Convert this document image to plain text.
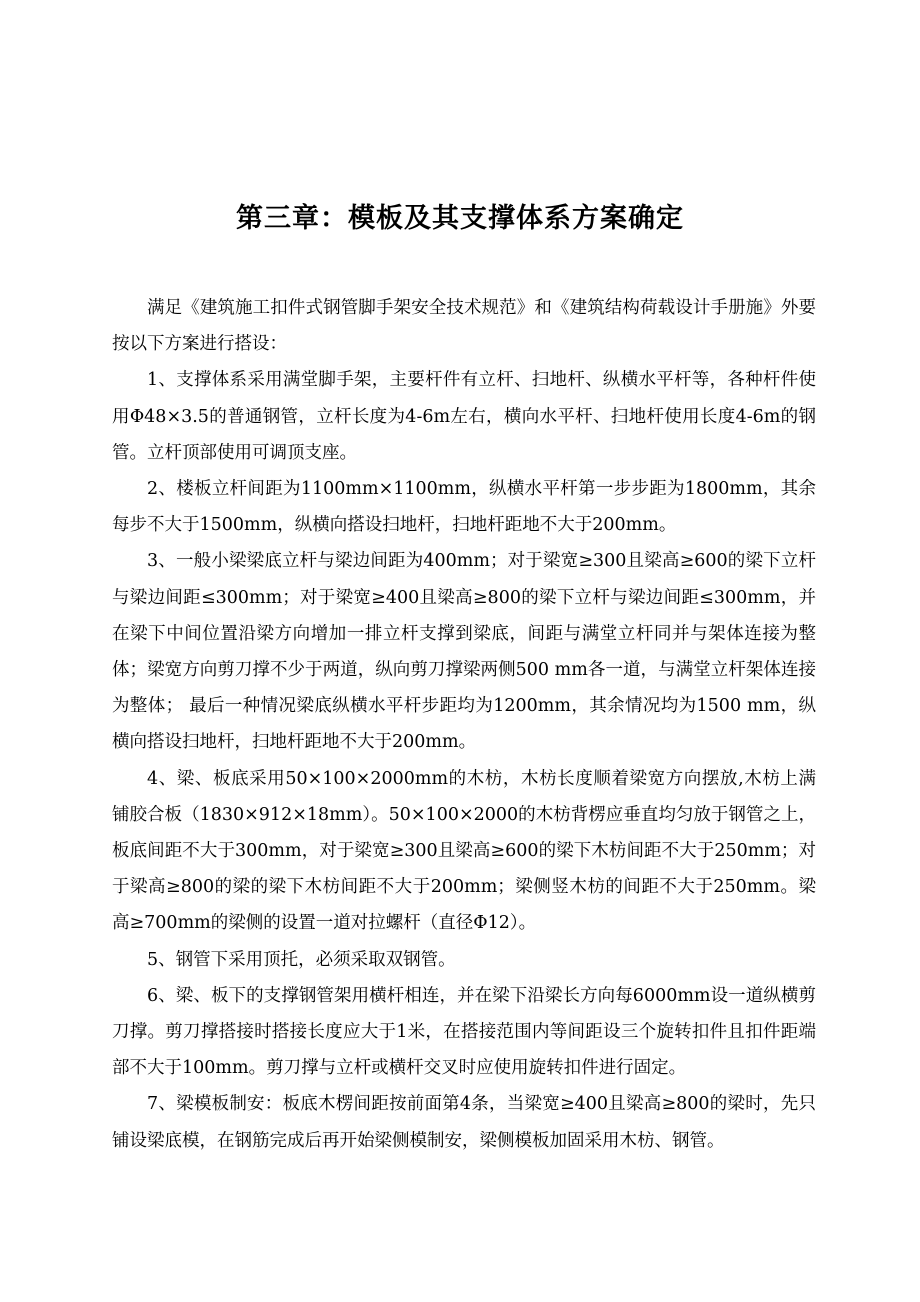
第三章：模板及其支撑体系方案确定

满足《建筑施工扣件式钢管脚手架安全技术规范》和《建筑结构荷载设计手册施》外要按以下方案进行搭设：

1、支撑体系采用满堂脚手架，主要杆件有立杆、扫地杆、纵横水平杆等，各种杆件使用Φ48×3.5的普通钢管，立杆长度为4-6m左右，横向水平杆、扫地杆使用长度4-6m的钢管。立杆顶部使用可调顶支座。

2、楼板立杆间距为1100mm×1100mm，纵横水平杆第一步步距为1800mm，其余每步不大于1500mm，纵横向搭设扫地杆，扫地杆距地不大于200mm。

3、一般小梁梁底立杆与梁边间距为400mm；对于梁宽≥300且梁高≥600的梁下立杆与梁边间距≤300mm；对于梁宽≥400且梁高≥800的梁下立杆与梁边间距≤300mm，并在梁下中间位置沿梁方向增加一排立杆支撑到梁底，间距与满堂立杆同并与架体连接为整体；梁宽方向剪刀撑不少于两道，纵向剪刀撑梁两侧500 mm各一道，与满堂立杆架体连接为整体； 最后一种情况梁底纵横水平杆步距均为1200mm，其余情况均为1500 mm，纵横向搭设扫地杆，扫地杆距地不大于200mm。

4、梁、板底采用50×100×2000mm的木枋，木枋长度顺着梁宽方向摆放,木枋上满铺胶合板（1830×912×18mm）。50×100×2000的木枋背楞应垂直均匀放于钢管之上，板底间距不大于300mm，对于梁宽≥300且梁高≥600的梁下木枋间距不大于250mm；对于梁高≥800的梁的梁下木枋间距不大于200mm；梁侧竖木枋的间距不大于250mm。梁高≥700mm的梁侧的设置一道对拉螺杆（直径Φ12）。

5、钢管下采用顶托，必须采取双钢管。

6、梁、板下的支撑钢管架用横杆相连，并在梁下沿梁长方向每6000mm设一道纵横剪刀撑。剪刀撑搭接时搭接长度应大于1米，在搭接范围内等间距设三个旋转扣件且扣件距端部不大于100mm。剪刀撑与立杆或横杆交叉时应使用旋转扣件进行固定。

7、梁模板制安：板底木楞间距按前面第4条，当梁宽≥400且梁高≥800的梁时，先只铺设梁底模，在钢筋完成后再开始梁侧模制安，梁侧模板加固采用木枋、钢管。
